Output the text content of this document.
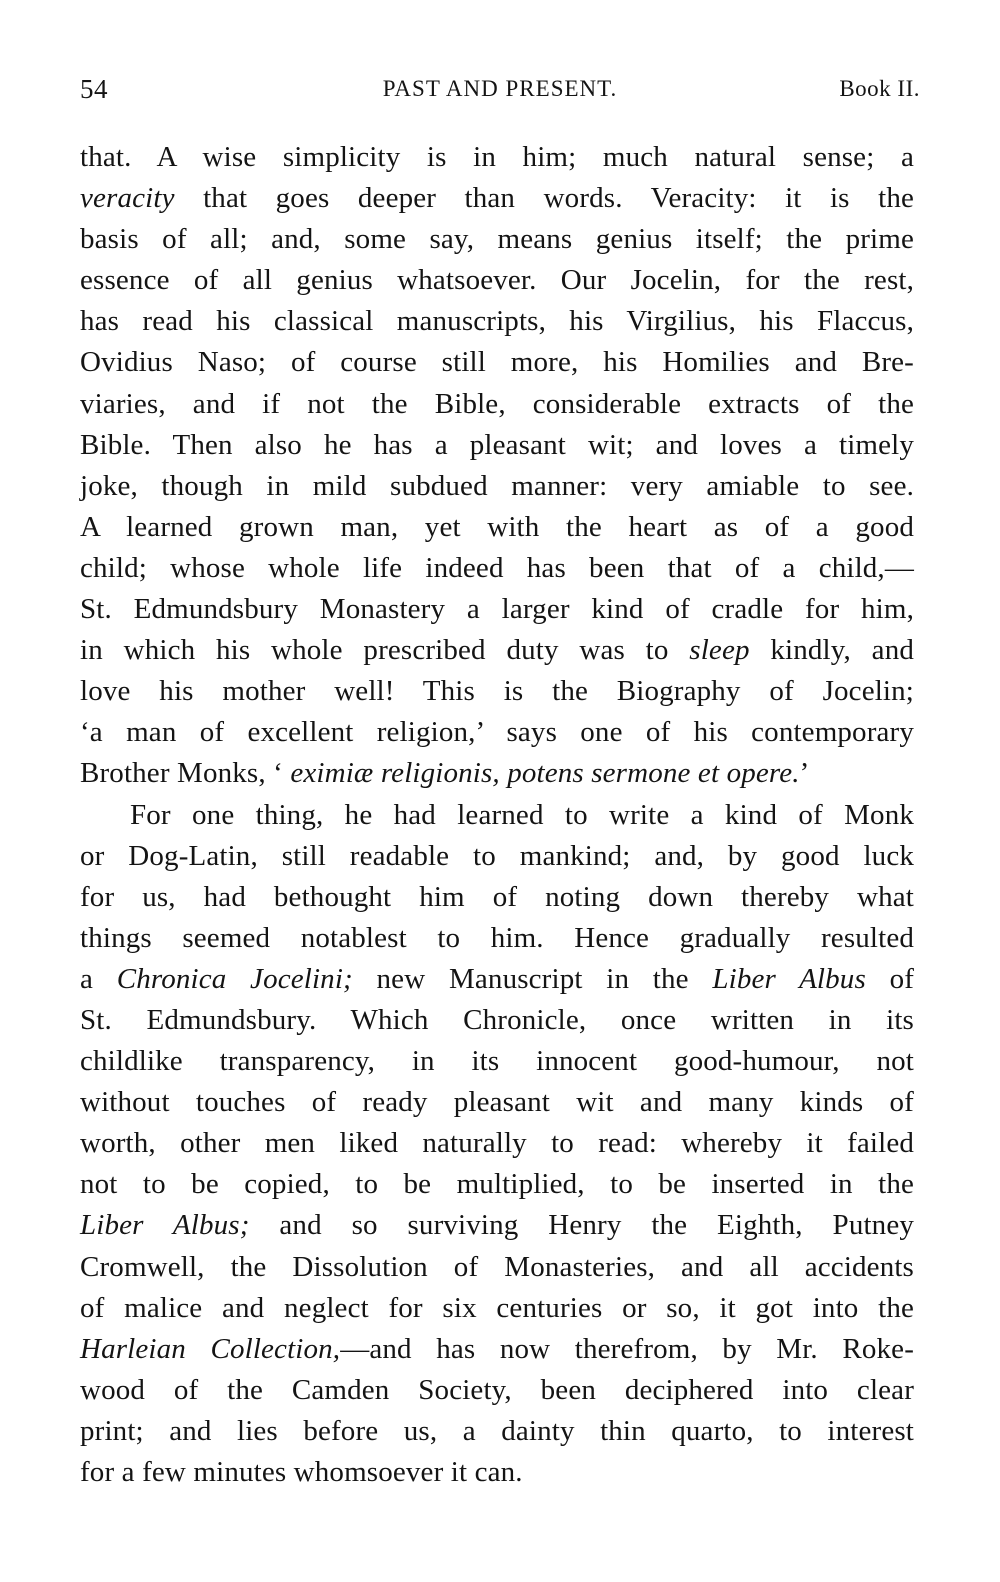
54	PAST AND PRESENT.	Book II.
that. A wise simplicity is in him; much natural sense; a
veracity that goes deeper than words. Veracity: it is the
basis of all; and, some say, means genius itself; the prime
essence of all genius whatsoever. Our Jocelin, for the rest,
has read his classical manuscripts, his Virgilius, his Flaccus,
Ovidius Naso; of course still more, his Homilies and Bre-
viaries, and if not the Bible, considerable extracts of the
Bible. Then also he has a pleasant wit; and loves a timely
joke, though in mild subdued manner: very amiable to see.
A learned grown man, yet with the heart as of a good
child; whose whole life indeed has been that of a child,—
St. Edmundsbury Monastery a larger kind of cradle for him,
in which his whole prescribed duty was to sleep kindly, and
love his mother well! This is the Biography of Jocelin;
‘a man of excellent religion,’ says one of his contemporary
Brother Monks, ‘ eximiæ religionis, potens sermone et opere.’
For one thing, he had learned to write a kind of Monk
or Dog-Latin, still readable to mankind; and, by good luck
for us, had bethought him of noting down thereby what
things seemed notablest to him. Hence gradually resulted
a Chronica Jocelini; new Manuscript in the Liber Albus of
St. Edmundsbury. Which Chronicle, once written in its
childlike transparency, in its innocent good-humour, not
without touches of ready pleasant wit and many kinds of
worth, other men liked naturally to read: whereby it failed
not to be copied, to be multiplied, to be inserted in the
Liber Albus; and so surviving Henry the Eighth, Putney
Cromwell, the Dissolution of Monasteries, and all accidents
of malice and neglect for six centuries or so, it got into the
Harleian Collection,—and has now therefrom, by Mr. Roke-
wood of the Camden Society, been deciphered into clear
print; and lies before us, a dainty thin quarto, to interest
for a few minutes whomsoever it can.
